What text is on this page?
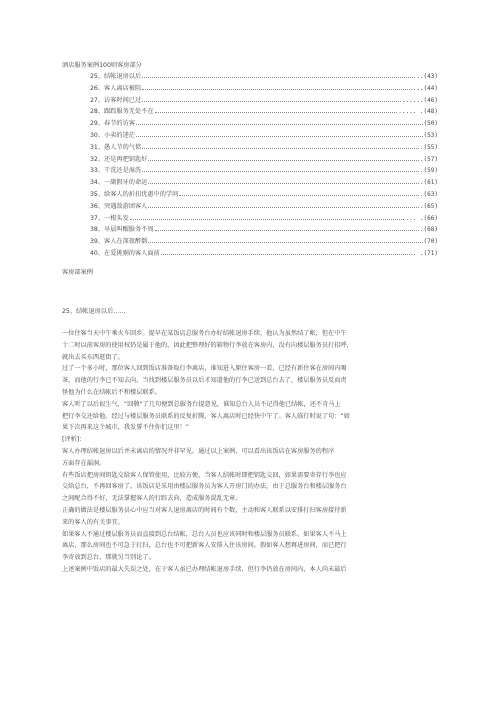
酒店服务案例100则客房部分
25、结帐退房以后	..(43)
26、客人离店被阻	...(44)
27、访客时间已过	......(46)
28、跟踪服务无处不在	..... .(48)
29、春节的访客	(50)
30、小卖的迷茫	(53)
31、愚人节的气愤	.(55)
32、还是再把钥匙好	.(57)
33、干洗还是湿洗	.(59)
34、一副假牙的命运	.(61)
35、给客人的折扣优惠中的学问	.(63)
36、突遇敌游团客人	.(65)
37、一根头发	... .(66)
38、早晨叫醒服务不周	.(68)
39、客人在深夜醉倒	(70)
40、在爱挑剔的客人面前	. .(71)
客房部案例
25、结帐退房以后……
一位住客当天中午乘火车回乡。提早在某饭店总服务台办好结帐退房手续，他认为虽然结了帐，但在中午
十二时以前客房的使用权仍是属于他的，因此把整理好的箱物行李放在客房内，没有向楼层服务员打招呼，
就出去买东西逛街了。
过了一个多小时，那位客人回到饭店准备取行李离店，谁知进入原住客房一看，已经有新住客在房间内喝
茶，而他的行李已不知去向。当找到楼层服务员以后才知道他的行李已送到总台去了，楼层服务员反而责
怪他为什么在结帐后不和楼层联系。
客人听了以后很生气，“回敬”了几句便到总服务台提意见，谁知总台人员不记得他已结帐，还不肯马上
把行李交还给他。经过与楼层服务员联系的反复折腾，客人离店时已经快中午了。客人临行时说了句：“如
果下次再来这个城市，我发誓不住你们这里！”
[评析]：
客人办理结帐退房以后并未离店的情况并非罕见。通过以上案例，可以看出该饭店在客房服务的程序
方面存在漏洞。
有些饭店把房间钥匙交给客人保管使用，比较方便，当客人结帐时即把钥匙交回，如果需要寄存行李也应
交给总台，不再回客房了。该饭店是采用由楼层服务员为客人开房门的办法，由于总服务台和楼层服务台
之间配合得不好，无法掌握客人的行踪去向，造成服务混乱无章。
正确的做法是楼层服务员心中应当对客人退房离店的时间有个数，主动和客人联系以安排打扫客房接待新
来的客人的有关事宜。
如果客人不通过楼层服务员而直接到总台结帐，总台人员也应该同时和楼层服务员联系，如果客人不马上
离店，那么房间也不可急于打扫，总台也不可把新客人安排入住该房间。假如客人想再进房间，而已把行
李寄放到总台，那就另当别论了。
上述案例中饭店的最大失误之处，在于客人虽已办理结帐退房手续，但行李仍放在房间内，本人尚未最后
